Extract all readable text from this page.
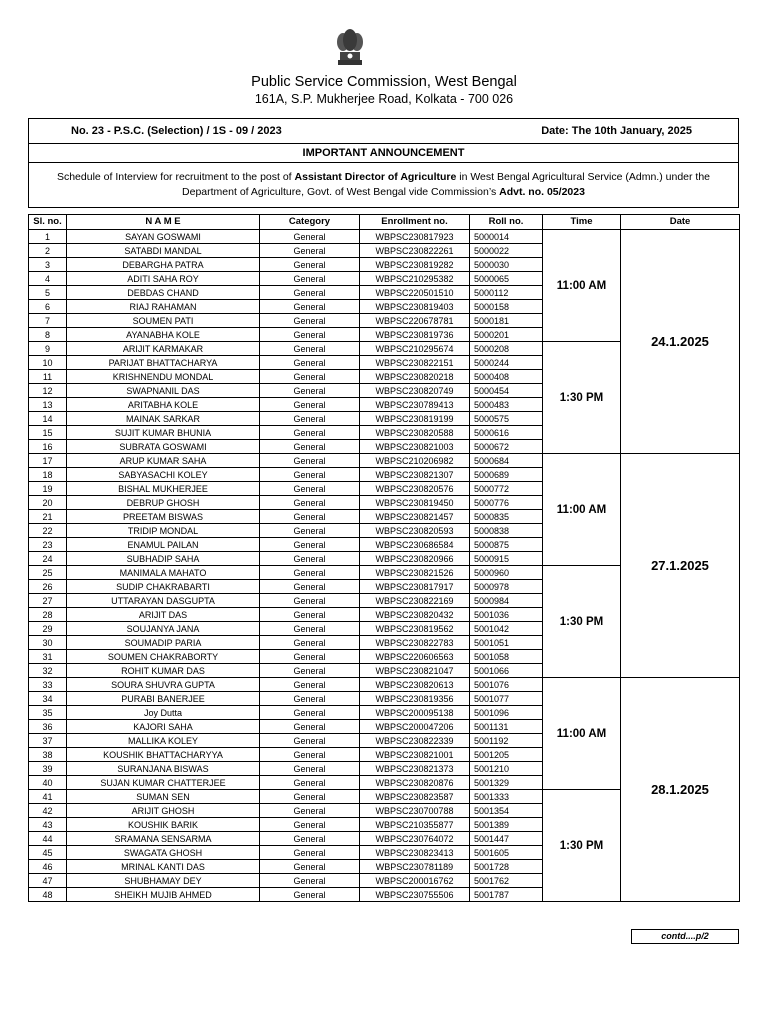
Public Service Commission, West Bengal
161A, S.P. Mukherjee Road, Kolkata - 700 026
No. 23 - P.S.C. (Selection) / 1S - 09 / 2023	Date: The 10th January, 2025
IMPORTANT ANNOUNCEMENT
Schedule of Interview for recruitment to the post of Assistant Director of Agriculture in West Bengal Agricultural Service (Admn.) under the Department of Agriculture, Govt. of West Bengal vide Commission’s Advt. no. 05/2023
Sl. no.	N A M E	Category	Enrollment no.	Roll no.	Time	Date
1	SAYAN GOSWAMI	General	WBPSC230817923	5000014	11:00 AM	24.1.2025
2	SATABDI MANDAL	General	WBPSC230822261	5000022		
3	DEBARGHA PATRA	General	WBPSC230819282	5000030		
4	ADITI SAHA ROY	General	WBPSC210295382	5000065		
5	DEBDAS CHAND	General	WBPSC220501510	5000112		
6	RIAJ RAHAMAN	General	WBPSC230819403	5000158		
7	SOUMEN PATI	General	WBPSC220678781	5000181		
8	AYANABHA KOLE	General	WBPSC230819736	5000201		
9	ARIJIT KARMAKAR	General	WBPSC210295674	5000208	1:30 PM	
10	PARIJAT BHATTACHARYA	General	WBPSC230822151	5000244		
11	KRISHNENDU MONDAL	General	WBPSC230820218	5000408		
12	SWAPNANIL DAS	General	WBPSC230820749	5000454		
13	ARITABHA KOLE	General	WBPSC230789413	5000483		
14	MAINAK SARKAR	General	WBPSC230819199	5000575		
15	SUJIT KUMAR BHUNIA	General	WBPSC230820588	5000616		
16	SUBRATA GOSWAMI	General	WBPSC230821003	5000672		
17	ARUP KUMAR SAHA	General	WBPSC210206982	5000684	11:00 AM	27.1.2025
18	SABYASACHI KOLEY	General	WBPSC230821307	5000689		
19	BISHAL MUKHERJEE	General	WBPSC230820576	5000772		
20	DEBRUP GHOSH	General	WBPSC230819450	5000776		
21	PREETAM BISWAS	General	WBPSC230821457	5000835		
22	TRIDIP MONDAL	General	WBPSC230820593	5000838		
23	ENAMUL PAILAN	General	WBPSC230686584	5000875		
24	SUBHADIP SAHA	General	WBPSC230820966	5000915		
25	MANIMALA MAHATO	General	WBPSC230821526	5000960	1:30 PM	
26	SUDIP CHAKRABARTI	General	WBPSC230817917	5000978		
27	UTTARAYAN DASGUPTA	General	WBPSC230822169	5000984		
28	ARIJIT DAS	General	WBPSC230820432	5001036		
29	SOUJANYA JANA	General	WBPSC230819562	5001042		
30	SOUMADIP PARIA	General	WBPSC230822783	5001051		
31	SOUMEN CHAKRABORTY	General	WBPSC220606563	5001058		
32	ROHIT KUMAR DAS	General	WBPSC230821047	5001066		
33	SOURA SHUVRA GUPTA	General	WBPSC230820613	5001076	11:00 AM	28.1.2025
34	PURABI BANERJEE	General	WBPSC230819356	5001077		
35	Joy Dutta	General	WBPSC200095138	5001096		
36	KAJORI SAHA	General	WBPSC200047206	5001131		
37	MALLIKA KOLEY	General	WBPSC230822339	5001192		
38	KOUSHIK BHATTACHARYYA	General	WBPSC230821001	5001205		
39	SURANJANA BISWAS	General	WBPSC230821373	5001210		
40	SUJAN KUMAR CHATTERJEE	General	WBPSC230820876	5001329		
41	SUMAN SEN	General	WBPSC230823587	5001333	1:30 PM	
42	ARIJIT GHOSH	General	WBPSC230700788	5001354		
43	KOUSHIK BARIK	General	WBPSC210355877	5001389		
44	SRAMANA SENSARMA	General	WBPSC230764072	5001447		
45	SWAGATA GHOSH	General	WBPSC230823413	5001605		
46	MRINAL KANTI DAS	General	WBPSC230781189	5001728		
47	SHUBHAMAY DEY	General	WBPSC200016762	5001762		
48	SHEIKH MUJIB AHMED	General	WBPSC230755506	5001787		
contd....p/2
